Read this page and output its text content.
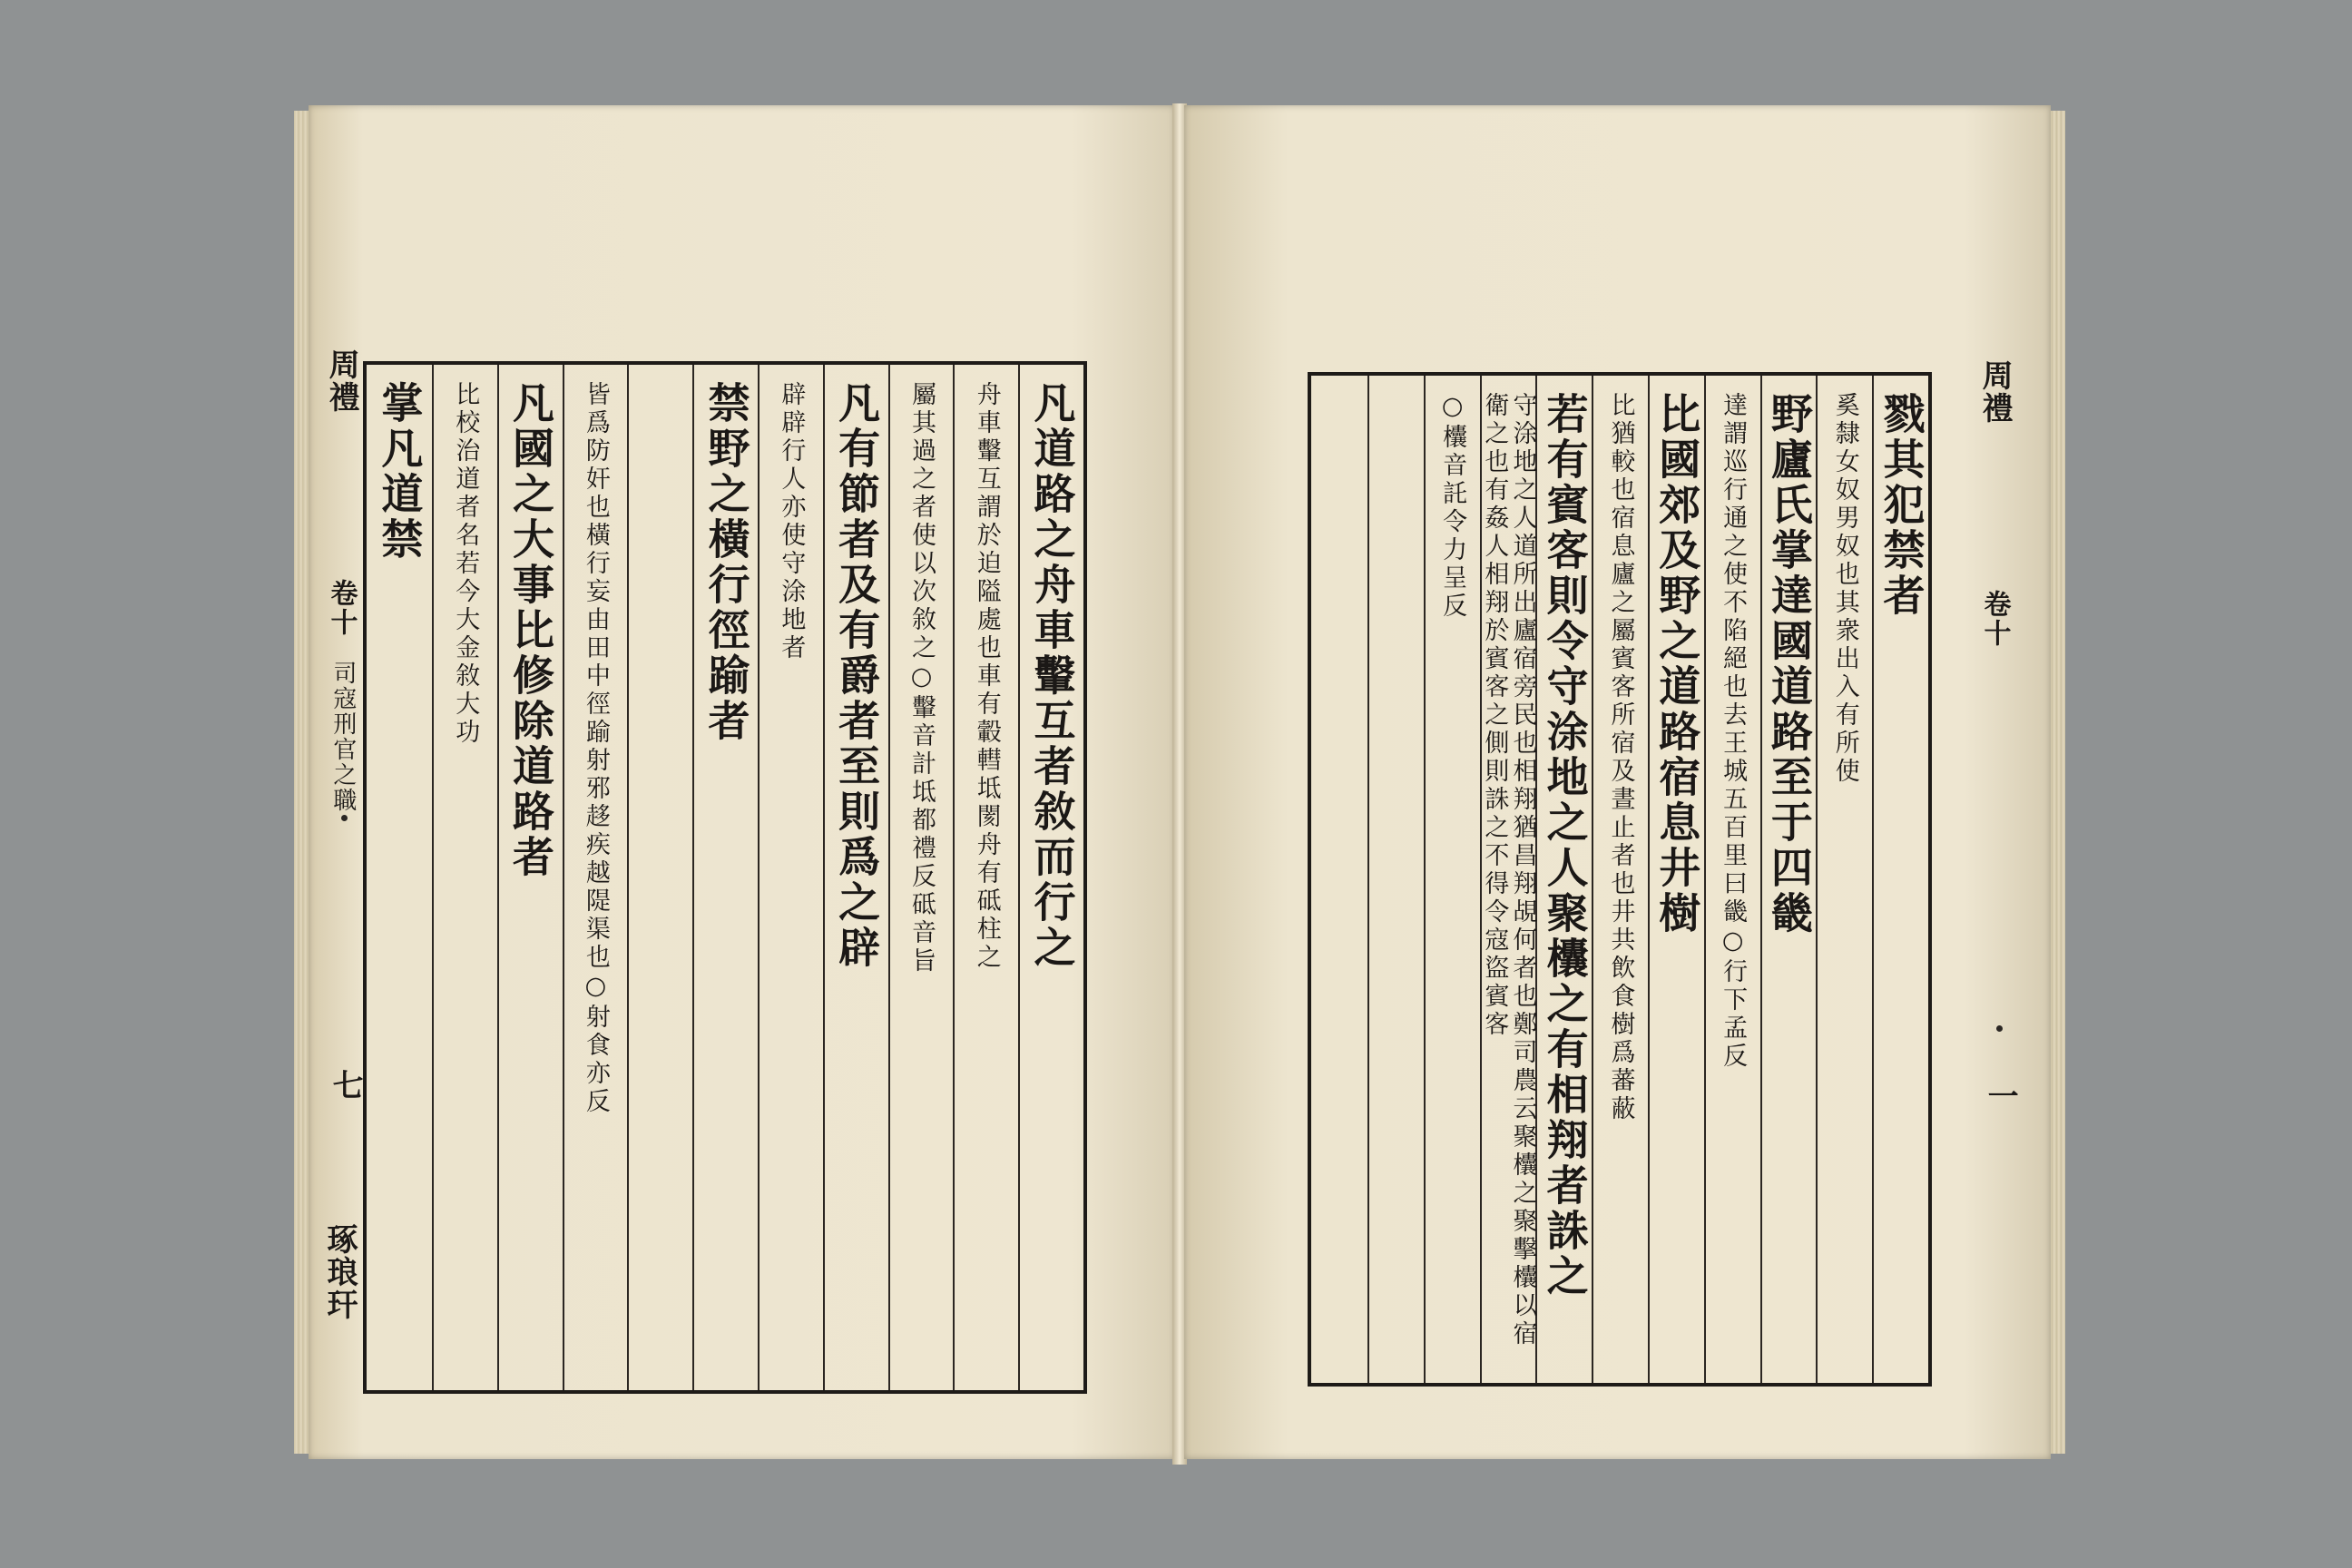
周禮
卷十
司寇刑官之職
七
琢琅玕
凡道路之舟車轚互者敘而行之
舟車轚互謂於迫隘處也車有轂轊坻閡舟有砥柱之
屬其過之者使以次敘之○轚音計坻都禮反砥音旨
凡有節者及有爵者至則爲之辟
辟辟行人亦使守涂地者
禁野之橫行徑踰者
皆爲防奸也橫行妄由田中徑踰射邪趍疾越隄渠也○射食亦反
凡國之大事比修除道路者
比校治道者名若今大金敘大功
掌凡道禁	戮其犯禁者
奚隸女奴男奴也其衆出入有所使
野廬氏掌達國道路至于四畿
達謂巡行通之使不陷絕也去王城五百里曰畿○行下孟反
比國郊及野之道路宿息井樹
比猶較也宿息廬之屬賓客所宿及晝止者也井共飲食樹爲蕃蔽
若有賓客則令守涂地之人聚欜之有相翔者誅之
守涂地之人道所出廬宿旁民也相翔猶昌翔覘何者也鄭司農云聚欜之聚擊欜以宿衛之也有姦人相翔於賓客之側則誅之不得令寇盜賓客
○欜音託令力呈反	周禮
卷十
一
